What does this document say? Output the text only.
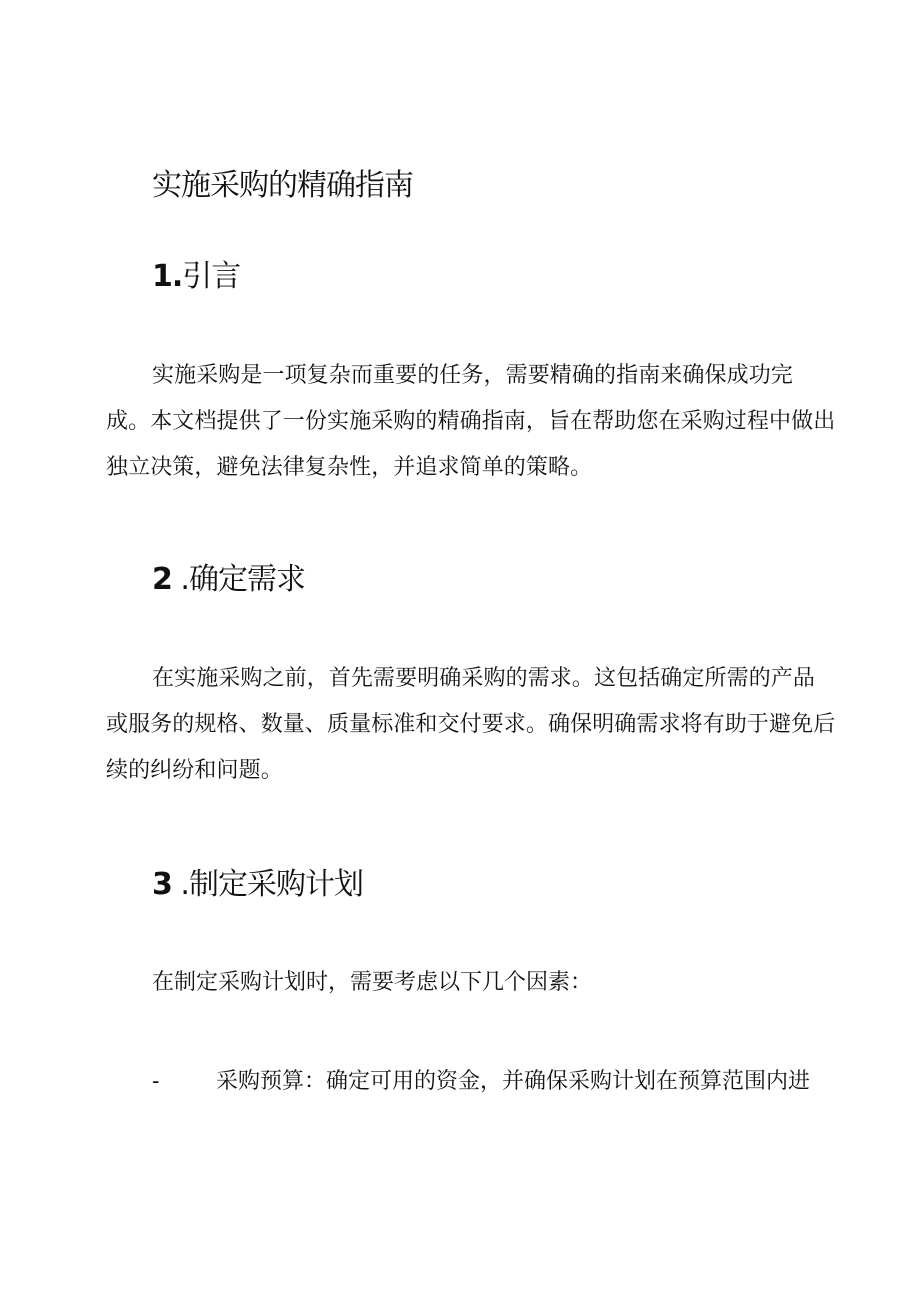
实施采购的精确指南
1.引言

实施采购是一项复杂而重要的任务，需要精确的指南来确保成功完
成。本文档提供了一份实施采购的精确指南，旨在帮助您在采购过程中做出
独立决策，避免法律复杂性，并追求简单的策略。

2 .确定需求

在实施采购之前，首先需要明确采购的需求。这包括确定所需的产品
或服务的规格、数量、质量标准和交付要求。确保明确需求将有助于避免后
续的纠纷和问题。

3 .制定采购计划

在制定采购计划时，需要考虑以下几个因素：

-	采购预算：确定可用的资金，并确保采购计划在预算范围内进
